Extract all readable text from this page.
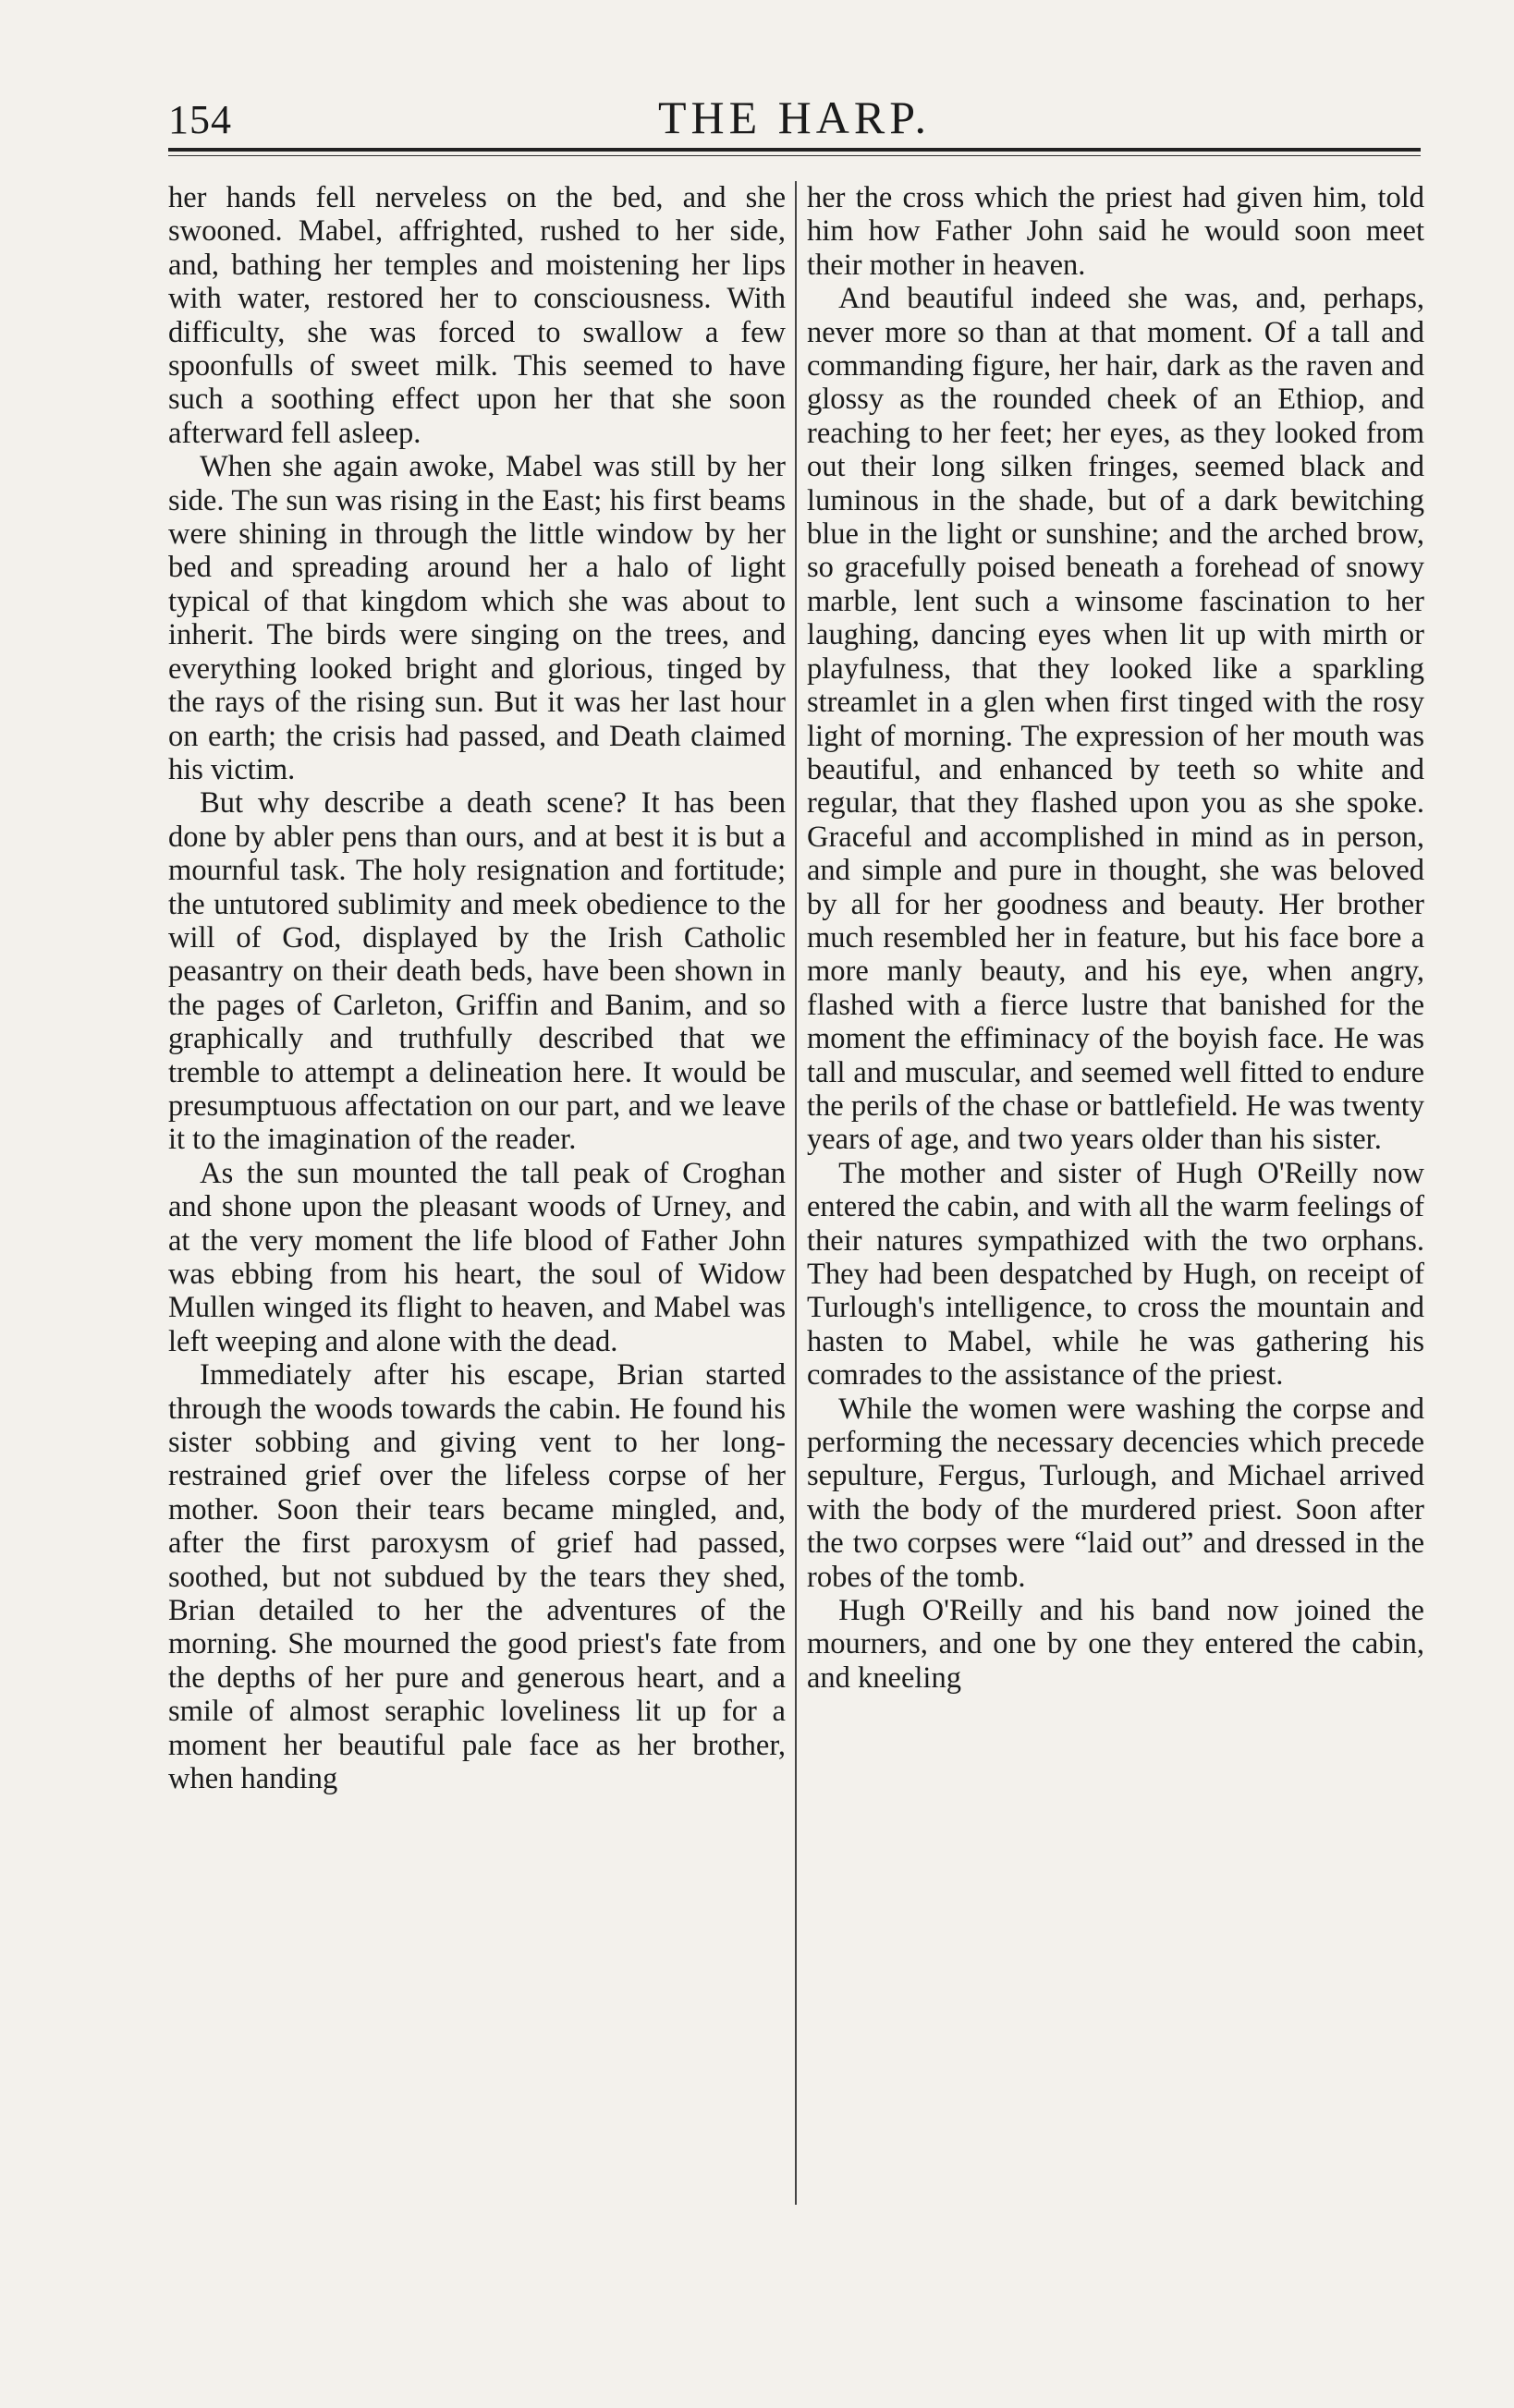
154	THE HARP.

her hands fell nerveless on the bed, and she swooned. Mabel, affrighted, rushed to her side, and, bathing her temples and moistening her lips with water, restored her to consciousness. With difficulty, she was forced to swallow a few spoonfulls of sweet milk. This seemed to have such a soothing effect upon her that she soon afterward fell asleep.

When she again awoke, Mabel was still by her side. The sun was rising in the East; his first beams were shining in through the little window by her bed and spreading around her a halo of light typical of that kingdom which she was about to inherit. The birds were singing on the trees, and everything looked bright and glorious, tinged by the rays of the rising sun. But it was her last hour on earth; the crisis had passed, and Death claimed his victim.

But why describe a death scene? It has been done by abler pens than ours, and at best it is but a mournful task. The holy resignation and fortitude; the untutored sublimity and meek obedience to the will of God, displayed by the Irish Catholic peasantry on their death beds, have been shown in the pages of Carleton, Griffin and Banim, and so graphically and truthfully described that we tremble to attempt a delineation here. It would be presumptuous affectation on our part, and we leave it to the imagination of the reader.

As the sun mounted the tall peak of Croghan and shone upon the pleasant woods of Urney, and at the very moment the life blood of Father John was ebbing from his heart, the soul of Widow Mullen winged its flight to heaven, and Mabel was left weeping and alone with the dead.

Immediately after his escape, Brian started through the woods towards the cabin. He found his sister sobbing and giving vent to her long-restrained grief over the lifeless corpse of her mother. Soon their tears became mingled, and, after the first paroxysm of grief had passed, soothed, but not subdued by the tears they shed, Brian detailed to her the adventures of the morning. She mourned the good priest's fate from the depths of her pure and generous heart, and a smile of almost seraphic loveliness lit up for a moment her beautiful pale face as her brother, when handing

her the cross which the priest had given him, told him how Father John said he would soon meet their mother in heaven.

And beautiful indeed she was, and, perhaps, never more so than at that moment. Of a tall and commanding figure, her hair, dark as the raven and glossy as the rounded cheek of an Ethiop, and reaching to her feet; her eyes, as they looked from out their long silken fringes, seemed black and luminous in the shade, but of a dark bewitching blue in the light or sunshine; and the arched brow, so gracefully poised beneath a forehead of snowy marble, lent such a winsome fascination to her laughing, dancing eyes when lit up with mirth or playfulness, that they looked like a sparkling streamlet in a glen when first tinged with the rosy light of morning. The expression of her mouth was beautiful, and enhanced by teeth so white and regular, that they flashed upon you as she spoke. Graceful and accomplished in mind as in person, and simple and pure in thought, she was beloved by all for her goodness and beauty. Her brother much resembled her in feature, but his face bore a more manly beauty, and his eye, when angry, flashed with a fierce lustre that banished for the moment the effiminacy of the boyish face. He was tall and muscular, and seemed well fitted to endure the perils of the chase or battlefield. He was twenty years of age, and two years older than his sister.

The mother and sister of Hugh O'Reilly now entered the cabin, and with all the warm feelings of their natures sympathized with the two orphans. They had been despatched by Hugh, on receipt of Turlough's intelligence, to cross the mountain and hasten to Mabel, while he was gathering his comrades to the assistance of the priest.

While the women were washing the corpse and performing the necessary decencies which precede sepulture, Fergus, Turlough, and Michael arrived with the body of the murdered priest. Soon after the two corpses were “laid out” and dressed in the robes of the tomb.

Hugh O'Reilly and his band now joined the mourners, and one by one they entered the cabin, and kneeling
